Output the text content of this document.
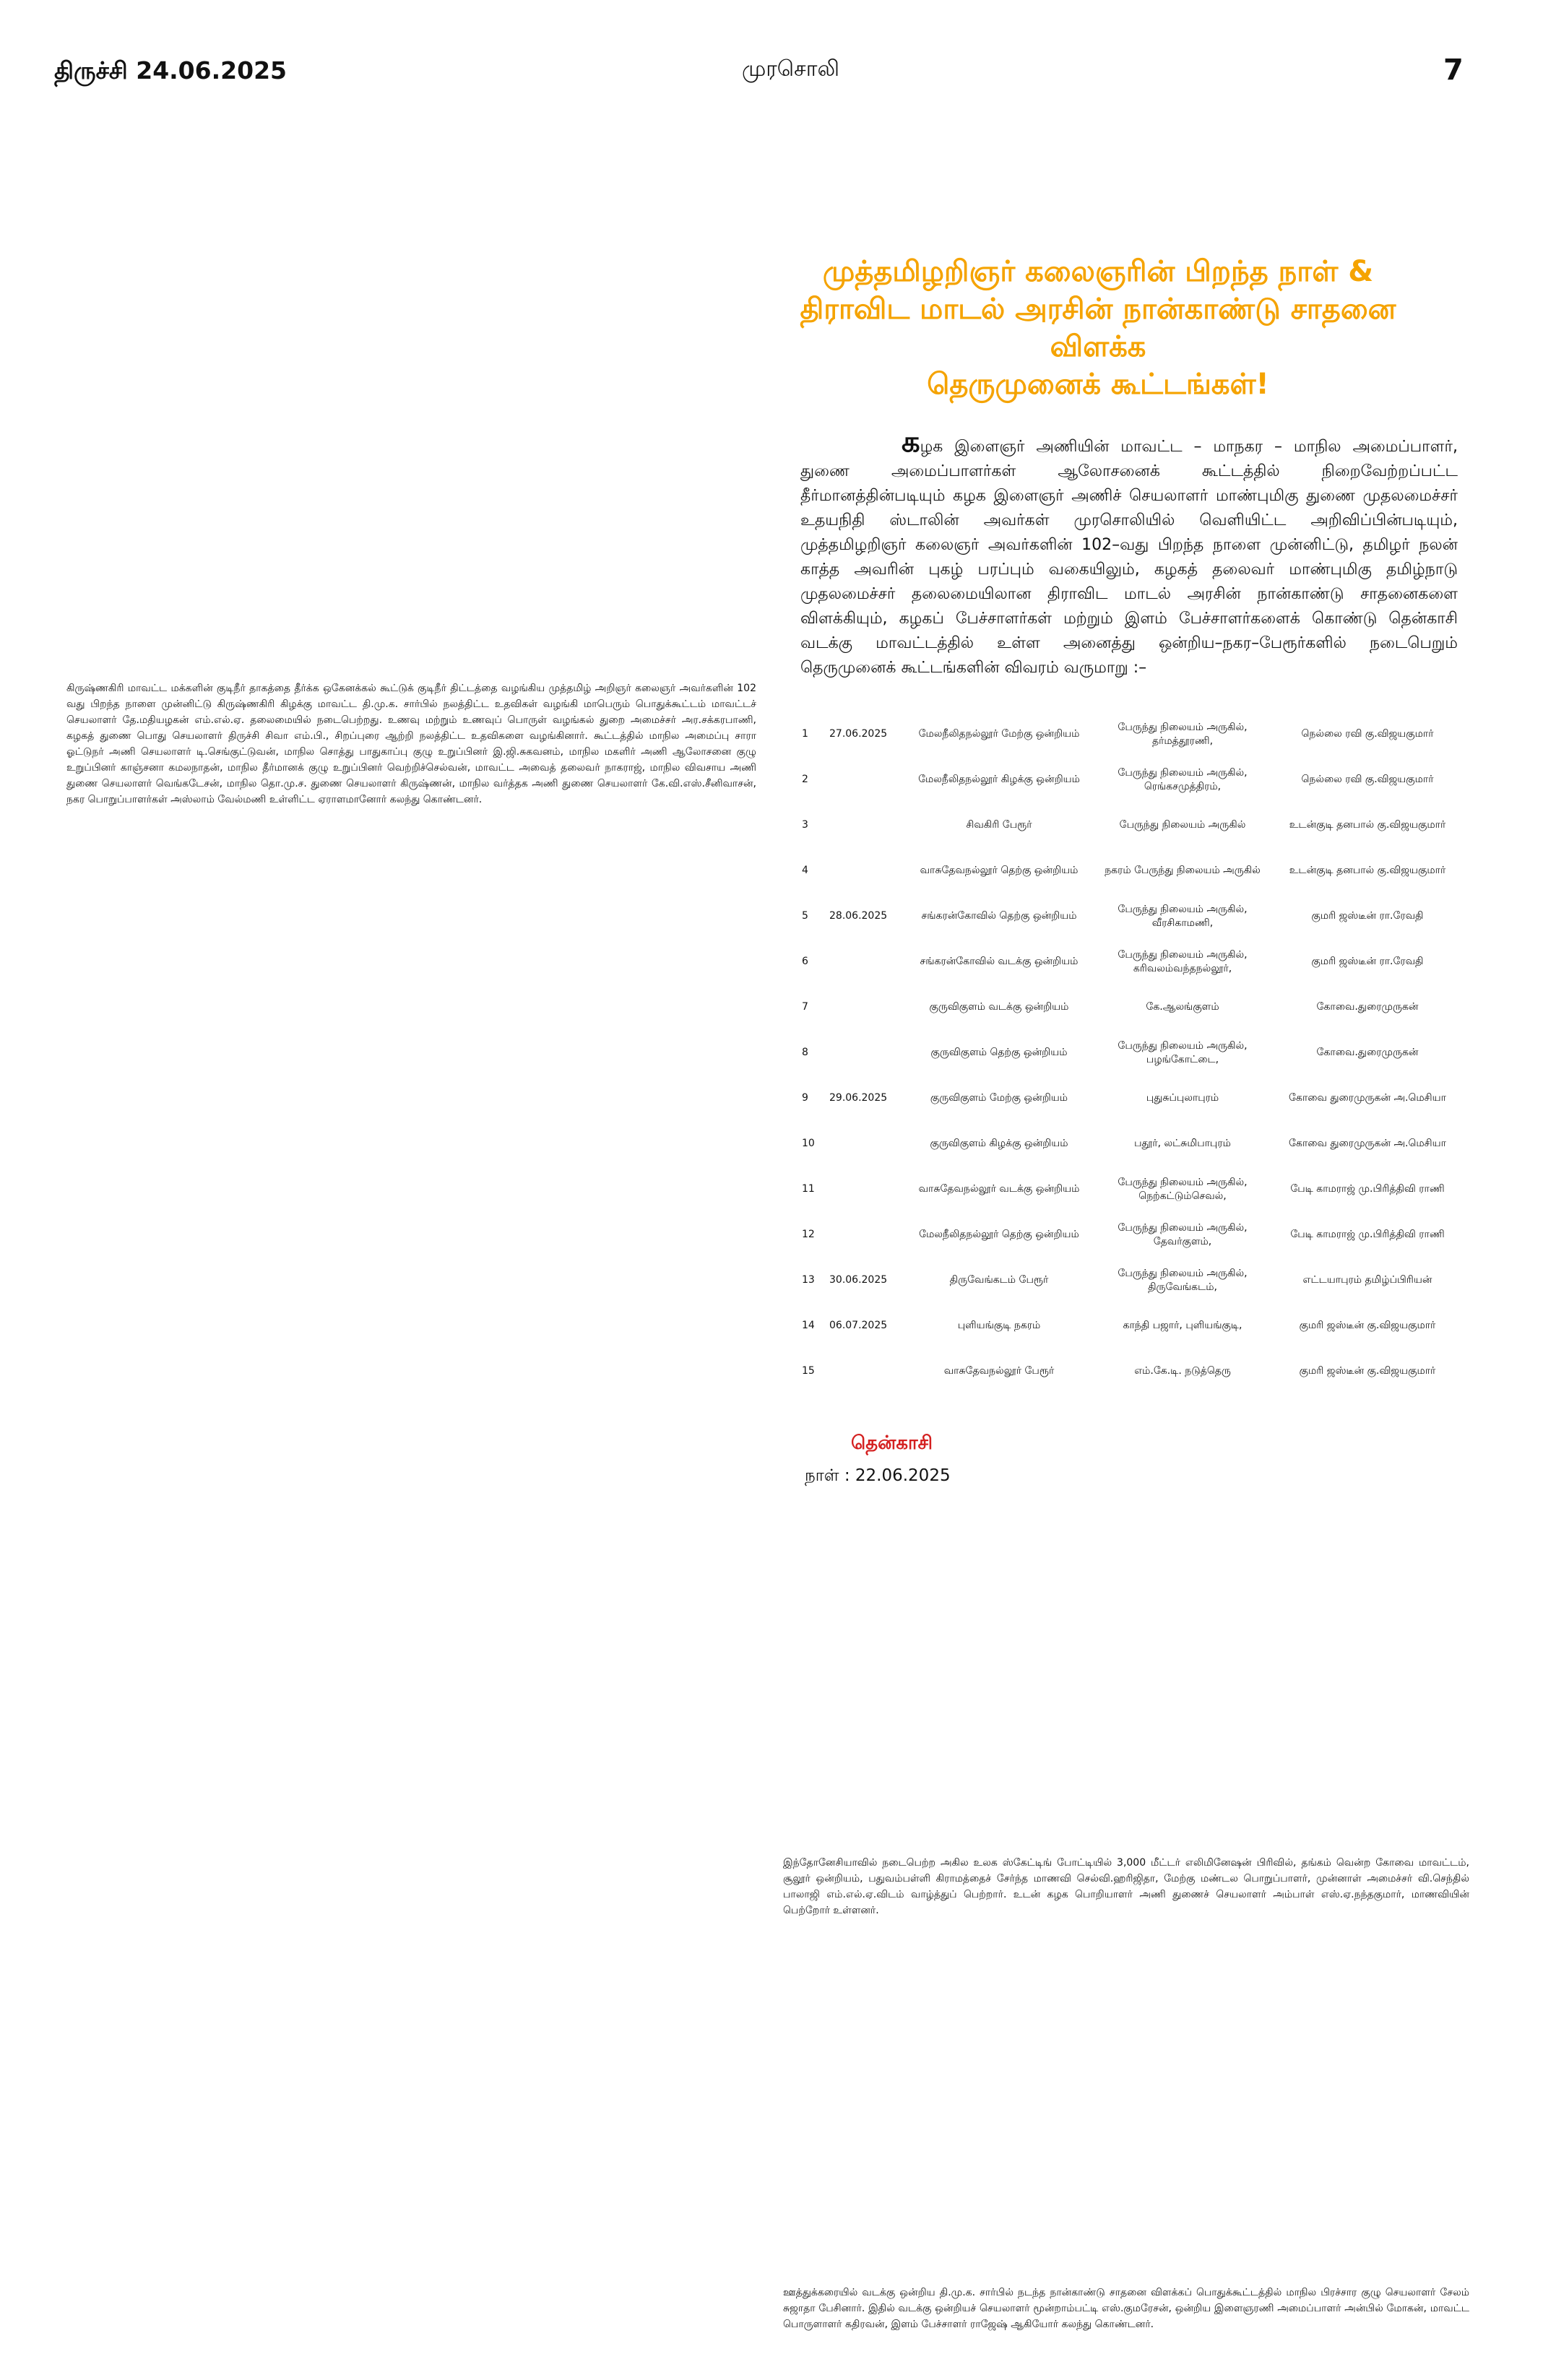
திருச்சி 24.06.2025	முரசொலி	7
முத்தமிழறிஞர் கலைஞரின் பிறந்த நாள் &
திராவிட மாடல் அரசின் நான்காண்டு சாதனை விளக்க
தெருமுனைக் கூட்டங்கள்!
கழக இளைஞர் அணியின் மாவட்ட – மாநகர – மாநில அமைப்பாளர், துணை அமைப்பாளர்கள் ஆலோசனைக் கூட்டத்தில் நிறைவேற்றப்பட்ட தீர்மானத்தின்படியும் கழக இளைஞர் அணிச் செயலாளர் மாண்புமிகு துணை முதலமைச்சர் உதயநிதி ஸ்டாலின் அவர்கள் முரசொலியில் வெளியிட்ட அறிவிப்பின்படியும், முத்தமிழறிஞர் கலைஞர் அவர்களின் 102–வது பிறந்த நாளை முன்னிட்டு, தமிழர் நலன் காத்த அவரின் புகழ் பரப்பும் வகையிலும், கழகத் தலைவர் மாண்புமிகு தமிழ்நாடு முதலமைச்சர் தலைமையிலான திராவிட மாடல் அரசின் நான்காண்டு சாதனைகளை விளக்கியும், கழகப் பேச்சாளர்கள் மற்றும் இளம் பேச்சாளர்களைக் கொண்டு தென்காசி வடக்கு மாவட்டத்தில் உள்ள அனைத்து ஒன்றிய–நகர–பேரூர்களில் நடைபெறும் தெருமுனைக் கூட்டங்களின் விவரம் வருமாறு :–
கிருஷ்ணகிரி மாவட்ட மக்களின் குடிநீர் தாகத்தை தீர்க்க ஒகேனக்கல் கூட்டுக் குடிநீர் திட்டத்தை வழங்கிய முத்தமிழ் அறிஞர் கலைஞர் அவர்களின் 102 வது பிறந்த நாளை முன்னிட்டு கிருஷ்ணகிரி கிழக்கு மாவட்ட தி.மு.க. சார்பில் நலத்திட்ட உதவிகள் வழங்கி மாபெரும் பொதுக்கூட்டம் மாவட்டச் செயலாளர் தே.மதியழகன் எம்.எல்.ஏ. தலைமையில் நடைபெற்றது. உணவு மற்றும் உணவுப் பொருள் வழங்கல் துறை அமைச்சர் அர.சக்கரபாணி, கழகத் துணை பொது செயலாளர் திருச்சி சிவா எம்.பி., சிறப்புரை ஆற்றி நலத்திட்ட உதவிகளை வழங்கினார். கூட்டத்தில் மாநில அமைப்பு சாரா ஓட்டுநர் அணி செயலாளர் டி.செங்குட்டுவன், மாநில சொத்து பாதுகாப்பு குழு உறுப்பினர் இ.ஜி.சுகவனம், மாநில மகளிர் அணி ஆலோசனை குழு உறுப்பினர் காஞ்சனா கமலநாதன், மாநில தீர்மானக் குழு உறுப்பினர் வெற்றிச்செல்வன், மாவட்ட அவைத் தலைவர் நாகராஜ், மாநில விவசாய அணி துணை செயலாளர் வெங்கடேசன், மாநில தொ.மு.ச. துணை செயலாளர் கிருஷ்ணன், மாநில வர்த்தக அணி துணை செயலாளர் கே.வி.எஸ்.சீனிவாசன், நகர பொறுப்பாளர்கள் அஸ்லாம் வேல்மணி உள்ளிட்ட ஏராளமானோர் கலந்து கொண்டனர்.
1	27.06.2025	மேலநீலிதநல்லூர் மேற்கு ஒன்றியம்	பேருந்து நிலையம் அருகில், தர்மத்தூரணி,	நெல்லை ரவி கு.விஜயகுமார்
2		மேலநீலிதநல்லூர் கிழக்கு ஒன்றியம்	பேருந்து நிலையம் அருகில், ரெங்கசமுத்திரம்,	நெல்லை ரவி கு.விஜயகுமார்
3		சிவகிரி பேரூர்	பேருந்து நிலையம் அருகில்	உடன்குடி தனபால் கு.விஜயகுமார்
4		வாசுதேவநல்லூர் தெற்கு ஒன்றியம்	நகரம் பேருந்து நிலையம் அருகில்	உடன்குடி தனபால் கு.விஜயகுமார்
5	28.06.2025	சங்கரன்கோவில் தெற்கு ஒன்றியம்	பேருந்து நிலையம் அருகில், வீரசிகாமணி,	குமரி ஜஸ்டீன் ரா.ரேவதி
6		சங்கரன்கோவில் வடக்கு ஒன்றியம்	பேருந்து நிலையம் அருகில், கரிவலம்வந்தநல்லூர்,	குமரி ஜஸ்டீன் ரா.ரேவதி
7		குருவிகுளம் வடக்கு ஒன்றியம்	கே.ஆலங்குளம்	கோவை.துரைமுருகன்
8		குருவிகுளம் தெற்கு ஒன்றியம்	பேருந்து நிலையம் அருகில், பழங்கோட்டை,	கோவை.துரைமுருகன்
9	29.06.2025	குருவிகுளம் மேற்கு ஒன்றியம்	புதுசுப்புலாபுரம்	கோவை துரைமுருகன் அ.மெசியா
10		குருவிகுளம் கிழக்கு ஒன்றியம்	பதூர், லட்சுமிபாபுரம்	கோவை துரைமுருகன் அ.மெசியா
11		வாசுதேவநல்லூர் வடக்கு ஒன்றியம்	பேருந்து நிலையம் அருகில், நெற்கட்டும்செவல்,	பேடி காமராஜ் மு.பிரித்திவி ராணி
12		மேலநீலிதநல்லூர் தெற்கு ஒன்றியம்	பேருந்து நிலையம் அருகில், தேவர்குளம்,	பேடி காமராஜ் மு.பிரித்திவி ராணி
13	30.06.2025	திருவேங்கடம் பேரூர்	பேருந்து நிலையம் அருகில், திருவேங்கடம்,	எட்டயாபுரம் தமிழ்ப்பிரியன்
14	06.07.2025	புளியங்குடி நகரம்	காந்தி பஜார், புளியங்குடி,	குமரி ஜஸ்டீன் கு.விஜயகுமார்
15		வாசுதேவநல்லூர் பேரூர்	எம்.கே.டி. நடுத்தெரு	குமரி ஜஸ்டீன் கு.விஜயகுமார்
தென்காசி
நாள் : 22.06.2025
இந்தோனேசியாவில் நடைபெற்ற அகில உலக ஸ்கேட்டிங் போட்டியில் 3,000 மீட்டர் எலிமினேஷன் பிரிவில், தங்கம் வென்ற கோவை மாவட்டம், சூலூர் ஒன்றியம், பதுவம்பள்ளி கிராமத்தைச் சேர்ந்த மாணவி செல்வி.ஹரிஜிதா, மேற்கு மண்டல பொறுப்பாளர், முன்னாள் அமைச்சர் வி.செந்தில் பாலாஜி எம்.எல்.ஏ.விடம் வாழ்த்துப் பெற்றார். உடன் கழக பொறியாளர் அணி துணைச் செயலாளர் அம்பாள் எஸ்.ஏ.நந்தகுமார், மாணவியின் பெற்றோர் உள்ளனர்.
ஊத்துக்கரையில் வடக்கு ஒன்றிய தி.மு.க. சார்பில் நடந்த நான்காண்டு சாதனை விளக்கப் பொதுக்கூட்டத்தில் மாநில பிரச்சார குழு செயலாளர் சேலம் சுஜாதா பேசினார். இதில் வடக்கு ஒன்றியச் செயலாளர் மூன்றாம்பட்டி எஸ்.குமரேசன், ஒன்றிய இளைஞரணி அமைப்பாளர் அன்பில் மோகன், மாவட்ட பொருளாளர் கதிரவன், இளம் பேச்சாளர் ராஜேஷ் ஆகியோர் கலந்து கொண்டனர்.
